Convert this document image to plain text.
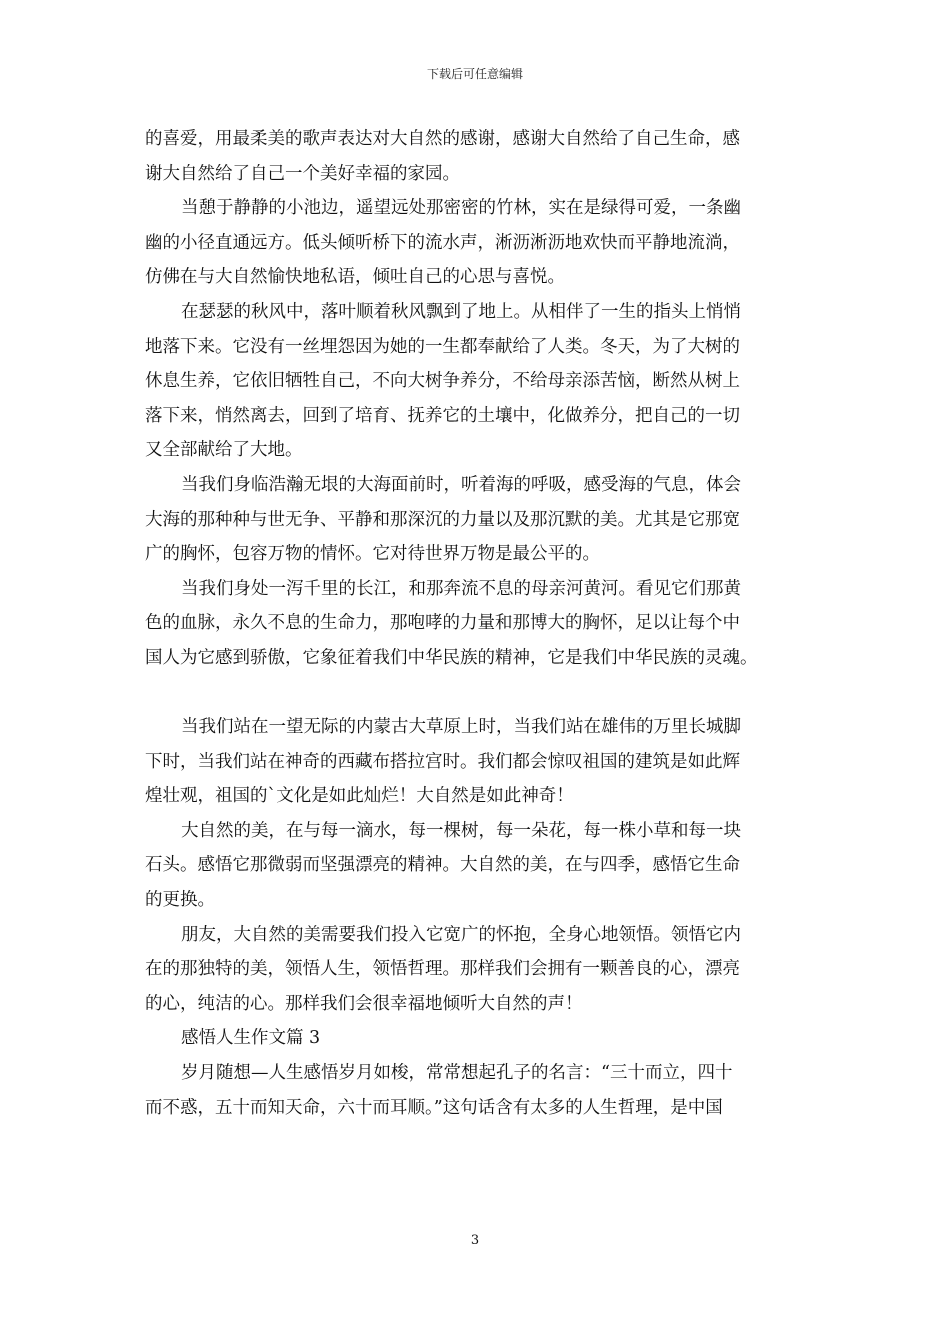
下载后可任意编辑

的喜爱，用最柔美的歌声表达对大自然的感谢，感谢大自然给了自己生命，感
谢大自然给了自己一个美好幸福的家园。

当憩于静静的小池边，遥望远处那密密的竹林，实在是绿得可爱，一条幽
幽的小径直通远方。低头倾听桥下的流水声，淅沥淅沥地欢快而平静地流淌，
仿佛在与大自然愉快地私语，倾吐自己的心思与喜悦。

在瑟瑟的秋风中，落叶顺着秋风飘到了地上。从相伴了一生的指头上悄悄
地落下来。它没有一丝埋怨因为她的一生都奉献给了人类。冬天，为了大树的
休息生养，它依旧牺牲自己，不向大树争养分，不给母亲添苦恼，断然从树上
落下来，悄然离去，回到了培育、抚养它的土壤中，化做养分，把自己的一切
又全部献给了大地。

当我们身临浩瀚无垠的大海面前时，听着海的呼吸，感受海的气息，体会
大海的那种种与世无争、平静和那深沉的力量以及那沉默的美。尤其是它那宽
广的胸怀，包容万物的情怀。它对待世界万物是最公平的。

当我们身处一泻千里的长江，和那奔流不息的母亲河黄河。看见它们那黄
色的血脉，永久不息的生命力，那咆哮的力量和那博大的胸怀，足以让每个中
国人为它感到骄傲，它象征着我们中华民族的精神，它是我们中华民族的灵魂。

当我们站在一望无际的内蒙古大草原上时，当我们站在雄伟的万里长城脚
下时，当我们站在神奇的西藏布搭拉宫时。我们都会惊叹祖国的建筑是如此辉
煌壮观，祖国的`文化是如此灿烂！大自然是如此神奇！

大自然的美，在与每一滴水，每一棵树，每一朵花，每一株小草和每一块
石头。感悟它那微弱而坚强漂亮的精神。大自然的美，在与四季，感悟它生命
的更换。

朋友，大自然的美需要我们投入它宽广的怀抱，全身心地领悟。领悟它内
在的那独特的美，领悟人生，领悟哲理。那样我们会拥有一颗善良的心，漂亮
的心，纯洁的心。那样我们会很幸福地倾听大自然的声！

感悟人生作文篇 3

岁月随想—人生感悟岁月如梭，常常想起孔子的名言：“三十而立，四十
而不惑，五十而知天命，六十而耳顺。”这句话含有太多的人生哲理，是中国

3
